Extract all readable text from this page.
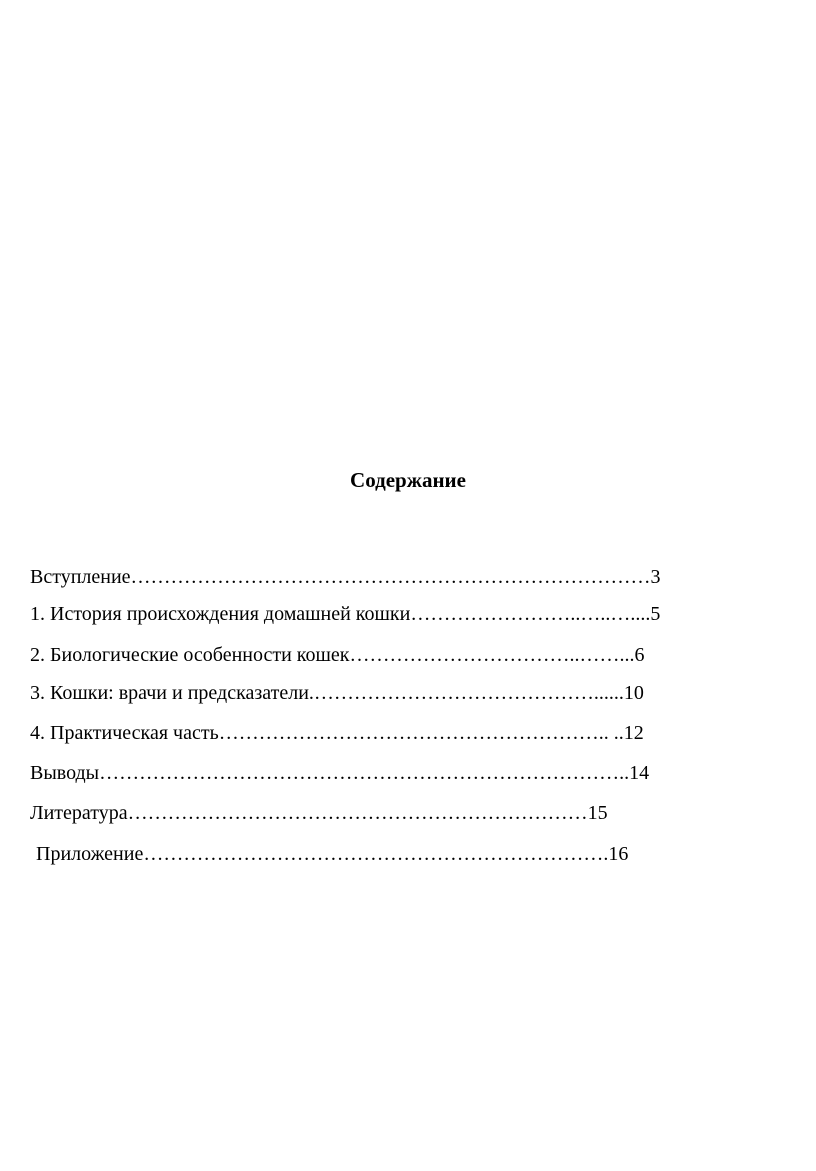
Содержание
Вступление……………………………………………………………………3
1. История происхождения домашней кошки……………………..…..…....5
2. Биологические особенности кошек……………………………..……...6
3. Кошки: врачи и предсказатели.……………………………………......10
4. Практическая часть………………………………………………….. ..12
Выводы……………………………………………………………………..14
Литература……………………………………………………………15
Приложение…………………………………………………………….16
